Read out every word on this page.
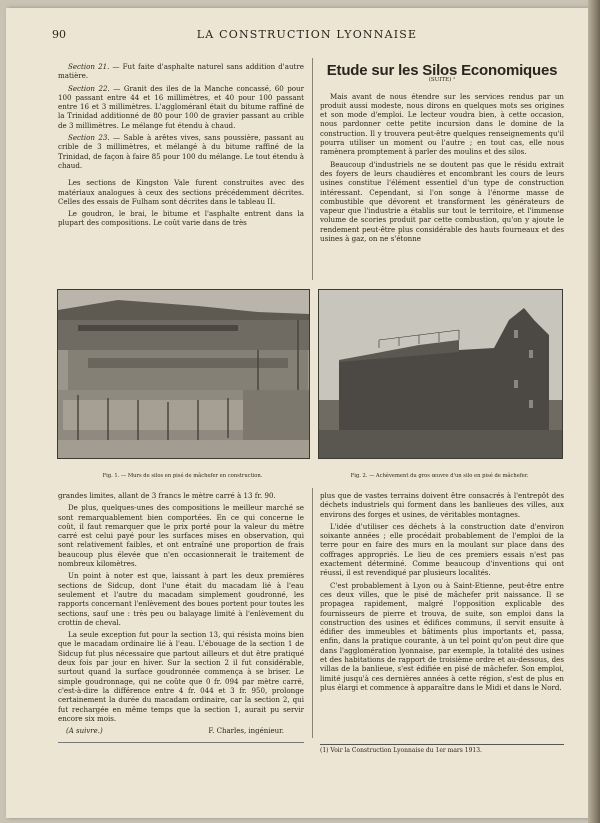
90	LA CONSTRUCTION LYONNAISE

Section 21. — Fut faite d'asphalte naturel sans addition d'autre matière.

Section 22. — Granit des iles de la Manche concassé, 60 pour 100 passant entre 44 et 16 millimètres, et 40 pour 100 passant entre 16 et 3 millimètres. L'aggloméranl était du bitume raffiné de la Trinidad additionné de 80 pour 100 de gravier passant au crible de 3 millimètres. Le mélange fut étendu à chaud.

Section 23. — Sable à arêtes vives, sans poussière, passant au crible de 3 millimètres, et mélangé à du bitume raffiné de la Trinidad, de façon à faire 85 pour 100 du mélange. Le tout étendu à chaud.

Les sections de Kingston Vale furent construites avec des matériaux analogues à ceux des sections précédemment décrites. Celles des essais de Fulham sont décrites dans le tableau II.

Le goudron, le brai, le bitume et l'asphalte entrent dans la plupart des compositions. Le coût varie dans de très

Etude sur les Silos Economiques
(SUITE) ¹

Mais avant de nous étendre sur les services rendus par un produit aussi modeste, nous dirons en quelques mots ses origines et son mode d'emploi. Le lecteur voudra bien, à cette occasion, nous pardonner cette petite incursion dans le domine de la construction. Il y trouvera peut-être quelques renseignements qu'il pourra utiliser un moment ou l'autre ; en tout cas, elle nous ramènera promptement à parler des moulins et des silos.

Beaucoup d'industriels ne se doutent pas que le résidu extrait des foyers de leurs chaudières et encombrant les cours de leurs usines constitue l'élément essentiel d'un type de construction intéressant. Cependant, si l'on songe à l'énorme masse de combustible que dévorent et transforment les générateurs de vapeur que l'industrie a établis sur tout le territoire, et l'immense volume de scories produit par cette combustion, qu'on y ajoute le rendement peut-être plus considérable des hauts fourneaux et des usines à gaz, on ne s'étonne

Fig. 1. — Murs de silos en pisé de mâchefer en construction.	Fig. 2. — Achèvement du gros œuvre d'un silo en pisé de mâchefer.

grandes limites, allant de 3 francs le mètre carré à 13 fr. 90.

De plus, quelques-unes des compositions le meilleur marché se sont remarquablement bien comportées. En ce qui concerne le coût, il faut remarquer que le prix porté pour la valeur du mètre carré est celui payé pour les surfaces mises en observation, qui sont relativement faibles, et ont entraîné une proportion de frais beaucoup plus élevée que n'en occasionnerait le traitement de nombreux kilomètres.

Un point à noter est que, laissant à part les deux premières sections de Sidcup, dont l'une était du macadam lié à l'eau seulement et l'autre du macadam simplement goudronné, les rapports concernant l'enlèvement des boues portent pour toutes les sections, sauf une : très peu ou balayage limité à l'enlèvement du crottin de cheval.

La seule exception fut pour la section 13, qui résista moins bien que le macadam ordinaire lié à l'eau. L'ébouage de la section 1 de Sidcup fut plus nécessaire que partout ailleurs et dut être pratiqué deux fois par jour en hiver. Sur la section 2 il fut considérable, surtout quand la surface goudronnée commença à se briser. Le simple goudronnage, qui ne coûte que 0 fr. 094 par mètre carré, c'est-à-dire la différence entre 4 fr. 044 et 3 fr. 950, prolonge certainement la durée du macadam ordinaire, car la section 2, qui fut rechargée en même temps que la section 1, aurait pu servir encore six mois.

(A suivre.)	F. Charles, ingénieur.

plus que de vastes terrains doivent être consacrés à l'entrepôt des déchets industriels qui forment dans les banlieues des villes, aux environs des forges et usines, de véritables montagnes.

L'idée d'utiliser ces déchets à la construction date d'environ soixante années ; elle procédait probablement de l'emploi de la terre pour en faire des murs en la moulant sur place dans des coffrages appropriés. Le lieu de ces premiers essais n'est pas exactement déterminé. Comme beaucoup d'inventions qui ont réussi, il est revendiqué par plusieurs localités.

C'est probablement à Lyon ou à Saint-Etienne, peut-être entre ces deux villes, que le pisé de mâchefer prit naissance. Il se propagea rapidement, malgré l'opposition explicable des fournisseurs de pierre et trouva, de suite, son emploi dans la construction des usines et édifices communs, il servit ensuite à édifier des immeubles et bâtiments plus importants et, passa, enfin, dans la pratique courante, à un tel point qu'on peut dire que dans l'agglomération lyonnaise, par exemple, la totalité des usines et des habitations de rapport de troisième ordre et au-dessous, des villas de la banlieue, s'est édifiée en pisé de mâchefer. Son emploi, limité jusqu'à ces dernières années à cette région, s'est de plus en plus élargi et commence à apparaître dans le Midi et dans le Nord.

(1) Voir la Construction Lyonnaise du 1er mars 1913.
